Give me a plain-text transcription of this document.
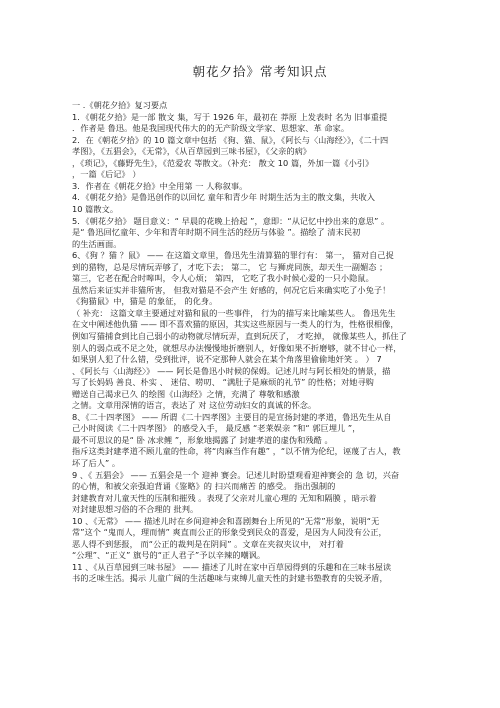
朝花夕拾》常考知识点
一 .《朝花夕拾》复习要点
1．《朝花夕拾》是一部 散文 集，写于 1926 年，最初在 莽原 上发表时 名为 旧事重提
．作者是 鲁迅。他是我国现代伟大的的无产阶级文学家、思想家、革 命家。
2．在《朝花夕拾》的 10 篇文章中包括 《狗、猫、鼠》，《阿长与〈山海经〉》，《二十四
孝图》，《五猖会》，《无常》，《从百草园到三味书屋》，《父亲的病》
，《琐记》，《藤野先生》，《范爱农 等散文。（补充： 散文 10 篇，外加一篇《小引》
，一篇《后记》 ）
3．作者在《朝花夕拾》中全用第 一 人称叙事。
4．《朝花夕拾》是鲁迅创作的以回忆 童年和青少年 时期生活为主的散文集，共收入
10 篇散文。
5．《朝花夕拾》 题目意义：“ 早晨的花晚上拾起 ”，意即：“从记忆中抄出来的意思” 。
是“ 鲁迅回忆童年、少年和青年时期不同生活的经历与体验 ”。描绘了 清末民初
的生活画面。
6、《狗 ？猫 ？鼠》 —— 在这篇文章里，鲁迅先生清算猫的罪行有： 第一， 猫对自己捉
到的猎物，总是尽情玩弄够了，才吃下去； 第二， 它 与狮虎同族，却天生一副媚态 ；
第三，它老在配合时嗥叫，令人心烦； 第四， 它吃了我小时候心爱的一只小隐鼠。
虽然后来证实并非猫所害， 但我对猫是不会产生 好感的，何况它后来确实吃了小兔子！
《狗猫鼠》中，猫是 的象征， 的化身。
（ 补充： 这篇文章主要通过对猫和鼠的一些事件， 行为的描写来比喻某些人。 鲁迅先生
在文中阐述他仇猫 —— 即不喜欢猫的原因，其实这些原因与一类人的行为，性格很相像，
例如写猫捕食到比自己弱小的动物就尽情玩弄，直到玩厌了， 才吃掉， 就像某些人，抓住了
别人的弱点或不足之处，就想尽办法慢慢地折磨别人，好像如果不折磨够，就不甘心一样，
如果别人犯了什么错，受到批评，说不定那种人就会在某个角落里偷偷地奸笑 。 ） 7
、《阿长与〈山海经〉》 —— 阿长是鲁迅小时候的保姆。记述儿时与阿长相处的情景，描
写了长妈妈 善良、朴实 、 迷信、唠叨、 “满肚子是麻烦的礼节” 的性格；对她寻购
赠送自己渴求已久 的绘图《山海经》之情，充满了 尊敬和感激
之情。文章用深情的语言，表达了 对 这位劳动妇女的真诚的怀念。
8、《二十四孝图》 —— 所谓《二十四孝图》主要目的是宣扬封建的孝道，鲁迅先生从自
己小时阅读《二十四孝图》 的感受入手， 最反感 “老莱娱亲 ”和“ 郭巨埋儿 ”，
最不可思议的是“ 卧 冰求鲤 ”，形象地揭露了 封建孝道的虚伪和残酷 。
指斥这类封建孝道不顾儿童的性命，将“肉麻当作有趣” ，“以不情为伦纪，诬蔑了古人，教
坏了后人” 。
9 、《 五猖会》 —— 五猖会是一个 迎神 赛会。记述儿时盼望观看迎神赛会的 急 切，兴奋
的心情，和被父亲强迫背诵《鉴略》的 扫兴而痛苦 的感受。 指出强制的
封建教育对儿童天性的压制和摧残 。表现了父亲对儿童心理的 无知和隔膜 ，暗示着
对封建思想习俗的不合理的 批判。
10 、《无常》 —— 描述儿时在乡间迎神会和喜剧舞台上所见的“无常”形象，说明“无
常”这个 “鬼而人，理而情” 爽直而公正的形象受到民众的喜爱，是因为人间没有公正，
恶人得不到惩报， 而“公正的裁判是在阴间” 。文章在夹叙夹议中， 对打着
“公理”、“正义” 旗号的“正人君子”予以辛辣的嘲讽。
11 、《从百草园到三味书屋》 —— 描述了儿时在家中百草园得到的乐趣和在三味书屋读
书的乏味生活。揭示 儿童广阔的生活趣味与束缚儿童天性的封建书塾教育的尖锐矛盾，
